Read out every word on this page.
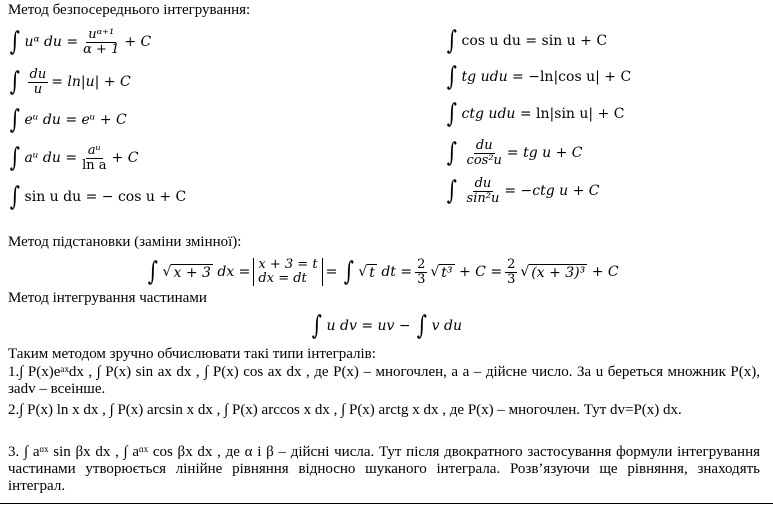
Метод безпосереднього інтегрування:
∫ uᵅ du = $\frac{\text{uᵅ⁺¹}}{\alpha + 1} + C$
∫ $\frac{du}{u} = \ln|u| + C$
∫ eᵘ du
= eᵘ + C
∫ aᵘ du = $\frac{\text{aᵘ}}{\text{ln a}} + C$
∫ sin u du
= − cos u + C
∫ cos u du
= sin u + C
∫ tg udu
= −ln|cos u| + C
∫ ctg udu
= ln|sin u| + C
∫ $\frac{du}{\text{cos²u}}$ = tg u + C
∫ $\frac{du}{\text{sin²u}} = -ctg$ u + C
Метод підстановки (заміни змінної):
∫ √ x + 3
dx = x + 3 = t
dx = dt	=
∫ √ t
dt = $\frac{2}{3}$ √ t³
+ $C = \frac{2}{3}$ √ (x + 3)³
+ C
Метод інтегрування частинами
∫ u dv = uv −
∫ v du
Таким методом зручно обчислювати такі типи інтегралів:
1.∫ P(x)eᵃˣdx , ∫ P(x) sin ax dx , ∫ P(x) cos ax dx , де P(x) – многочлен, а a – дійсне число. За u береться множник P(x), заdv – всеінше.
2.∫ P(x) ln x dx , ∫ P(x) arcsin x dx , ∫ P(x) arccos x dx , ∫ P(x) arctg x dx , де P(x) – многочлен. Тут dv=P(x) dx.
3. ∫ aᵅˣ sin βx dx , ∫ aᵅˣ cos βx dx , де α і β – дійсні числа. Тут після двократного застосування формули інтегрування частинами утворюється лінійне рівняння відносно шуканого інтеграла. Розв’язуючи ще рівняння, знаходять інтеграл.
